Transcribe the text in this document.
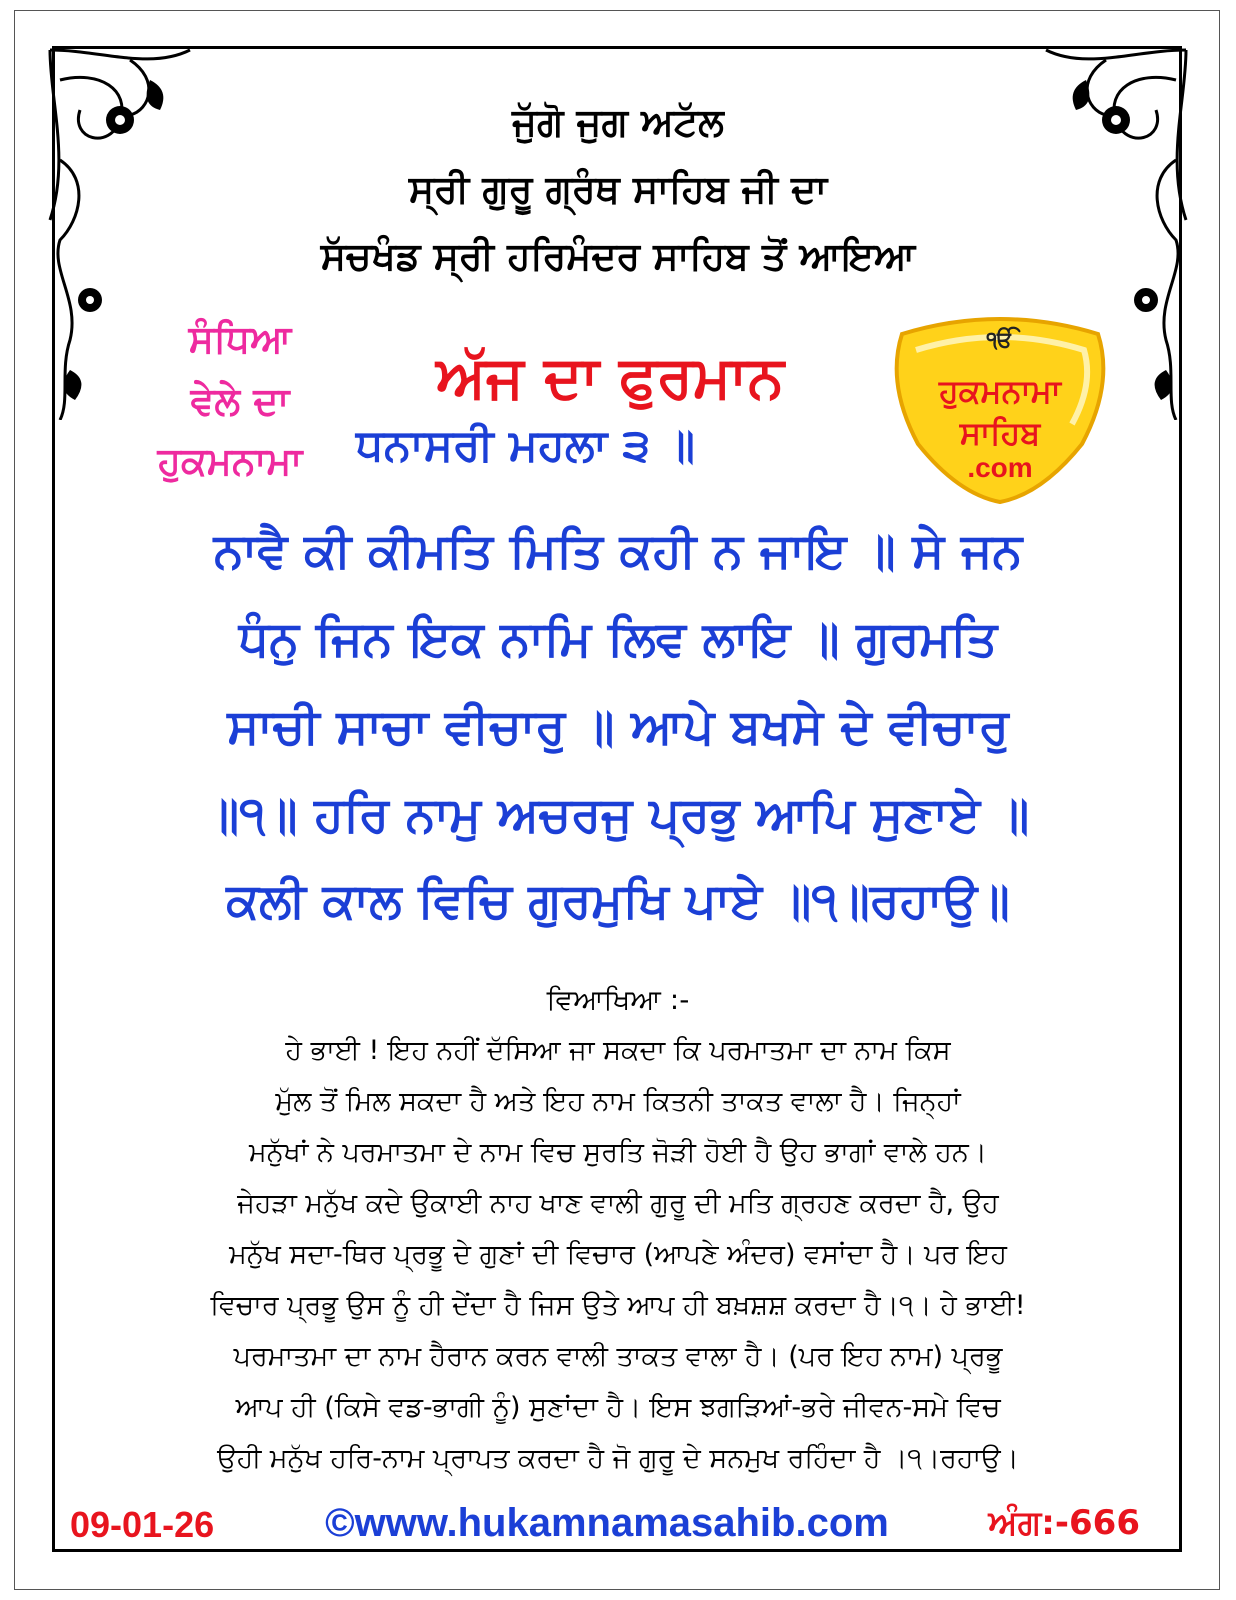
ਜੁੱਗੋ ਜੁਗ ਅਟੱਲ
ਸ੍ਰੀ ਗੁਰੂ ਗ੍ਰੰਥ ਸਾਹਿਬ ਜੀ ਦਾ
ਸੱਚਖੰਡ ਸ੍ਰੀ ਹਰਿਮੰਦਰ ਸਾਹਿਬ ਤੋਂ ਆਇਆ
ਸੰਧਿਆ
ਵੇਲੇ ਦਾ
ਹੁਕਮਨਾਮਾ
ਅੱਜ ਦਾ ਫੁਰਮਾਨ
ਧਨਾਸਰੀ ਮਹਲਾ ੩ ॥
ੴ
ਹੁਕਮਨਾਮਾ
ਸਾਹਿਬ
.com
ਨਾਵੈ ਕੀ ਕੀਮਤਿ ਮਿਤਿ ਕਹੀ ਨ ਜਾਇ ॥ ਸੇ ਜਨ
ਧੰਨੁ ਜਿਨ ਇਕ ਨਾਮਿ ਲਿਵ ਲਾਇ ॥ ਗੁਰਮਤਿ
ਸਾਚੀ ਸਾਚਾ ਵੀਚਾਰੁ ॥ ਆਪੇ ਬਖਸੇ ਦੇ ਵੀਚਾਰੁ
॥੧॥ ਹਰਿ ਨਾਮੁ ਅਚਰਜੁ ਪ੍ਰਭੁ ਆਪਿ ਸੁਣਾਏ ॥
ਕਲੀ ਕਾਲ ਵਿਚਿ ਗੁਰਮੁਖਿ ਪਾਏ ॥੧॥ਰਹਾਉ॥
ਵਿਆਖਿਆ :-
ਹੇ ਭਾਈ ! ਇਹ ਨਹੀਂ ਦੱਸਿਆ ਜਾ ਸਕਦਾ ਕਿ ਪਰਮਾਤਮਾ ਦਾ ਨਾਮ ਕਿਸ
ਮੁੱਲ ਤੋਂ ਮਿਲ ਸਕਦਾ ਹੈ ਅਤੇ ਇਹ ਨਾਮ ਕਿਤਨੀ ਤਾਕਤ ਵਾਲਾ ਹੈ। ਜਿਨ੍ਹਾਂ
ਮਨੁੱਖਾਂ ਨੇ ਪਰਮਾਤਮਾ ਦੇ ਨਾਮ ਵਿਚ ਸੁਰਤਿ ਜੋੜੀ ਹੋਈ ਹੈ ਉਹ ਭਾਗਾਂ ਵਾਲੇ ਹਨ।
ਜੇਹੜਾ ਮਨੁੱਖ ਕਦੇ ਉਕਾਈ ਨਾਹ ਖਾਣ ਵਾਲੀ ਗੁਰੂ ਦੀ ਮਤਿ ਗ੍ਰਹਣ ਕਰਦਾ ਹੈ, ਉਹ
ਮਨੁੱਖ ਸਦਾ-ਥਿਰ ਪ੍ਰਭੂ ਦੇ ਗੁਣਾਂ ਦੀ ਵਿਚਾਰ (ਆਪਣੇ ਅੰਦਰ) ਵਸਾਂਦਾ ਹੈ। ਪਰ ਇਹ
ਵਿਚਾਰ ਪ੍ਰਭੂ ਉਸ ਨੂੰ ਹੀ ਦੇਂਦਾ ਹੈ ਜਿਸ ਉਤੇ ਆਪ ਹੀ ਬਖ਼ਸ਼ਸ਼ ਕਰਦਾ ਹੈ।੧। ਹੇ ਭਾਈ!
ਪਰਮਾਤਮਾ ਦਾ ਨਾਮ ਹੈਰਾਨ ਕਰਨ ਵਾਲੀ ਤਾਕਤ ਵਾਲਾ ਹੈ। (ਪਰ ਇਹ ਨਾਮ) ਪ੍ਰਭੂ
ਆਪ ਹੀ (ਕਿਸੇ ਵਡ-ਭਾਗੀ ਨੂੰ) ਸੁਣਾਂਦਾ ਹੈ। ਇਸ ਝਗੜਿਆਂ-ਭਰੇ ਜੀਵਨ-ਸਮੇ ਵਿਚ
ਉਹੀ ਮਨੁੱਖ ਹਰਿ-ਨਾਮ ਪ੍ਰਾਪਤ ਕਰਦਾ ਹੈ ਜੋ ਗੁਰੂ ਦੇ ਸਨਮੁਖ ਰਹਿੰਦਾ ਹੈ ।੧।ਰਹਾਉ।
09-01-26	©www.hukamnamasahib.com	ਅੰਗ:-666
